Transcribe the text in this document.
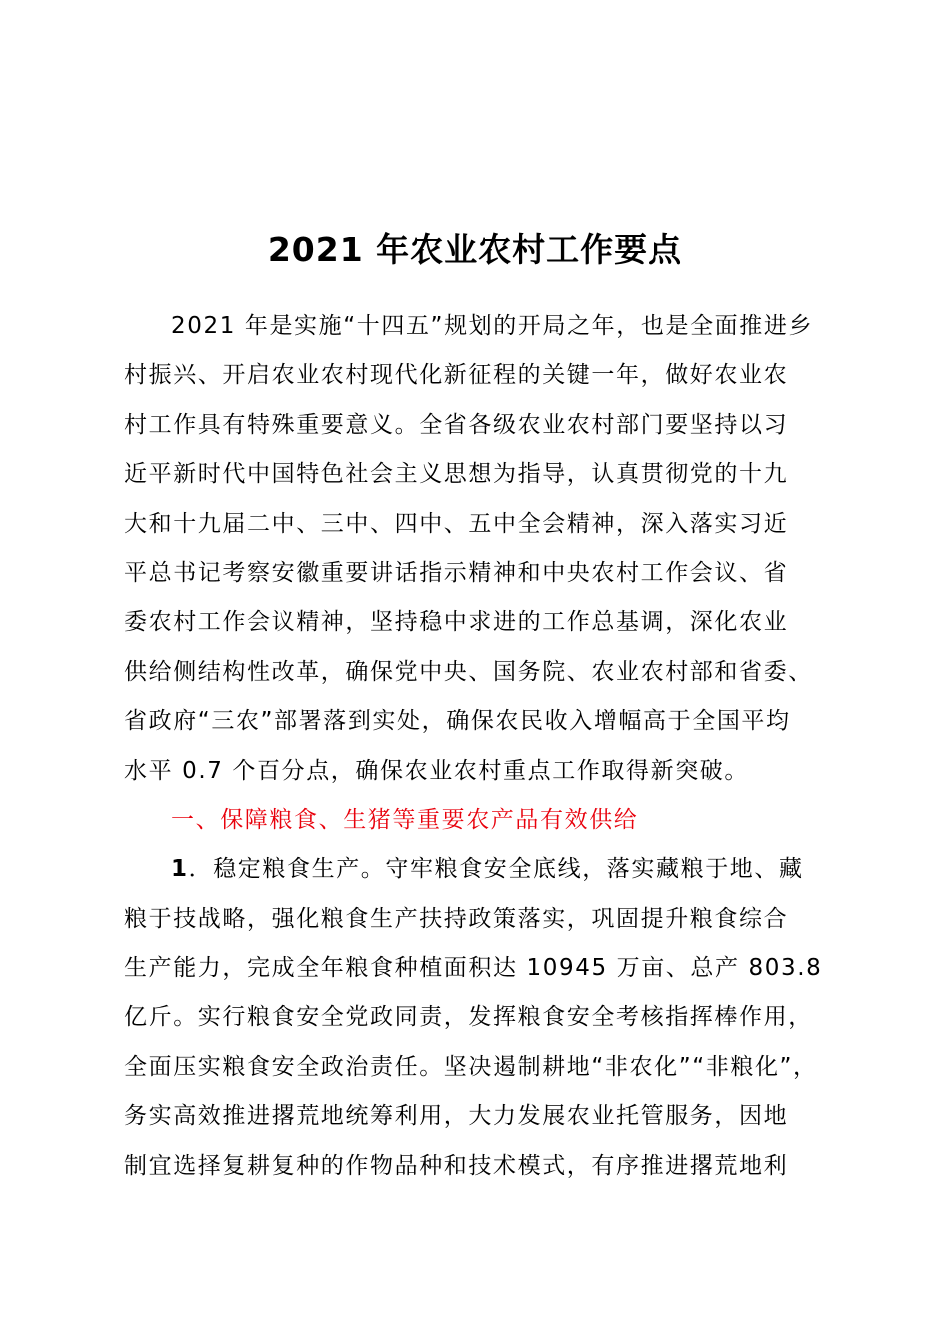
2021 年农业农村工作要点
2021 年是实施“十四五”规划的开局之年，也是全面推进乡
村振兴、开启农业农村现代化新征程的关键一年，做好农业农
村工作具有特殊重要意义。全省各级农业农村部门要坚持以习
近平新时代中国特色社会主义思想为指导，认真贯彻党的十九
大和十九届二中、三中、四中、五中全会精神，深入落实习近
平总书记考察安徽重要讲话指示精神和中央农村工作会议、省
委农村工作会议精神，坚持稳中求进的工作总基调，深化农业
供给侧结构性改革，确保党中央、国务院、农业农村部和省委、
省政府“三农”部署落到实处，确保农民收入增幅高于全国平均
水平 0.7 个百分点，确保农业农村重点工作取得新突破。
一、保障粮食、生猪等重要农产品有效供给
1．稳定粮食生产。守牢粮食安全底线，落实藏粮于地、藏
粮于技战略，强化粮食生产扶持政策落实，巩固提升粮食综合
生产能力，完成全年粮食种植面积达 10945 万亩、总产 803.8
亿斤。实行粮食安全党政同责，发挥粮食安全考核指挥棒作用，
全面压实粮食安全政治责任。坚决遏制耕地“非农化”“非粮化”，
务实高效推进撂荒地统筹利用，大力发展农业托管服务，因地
制宜选择复耕复种的作物品种和技术模式，有序推进撂荒地利
